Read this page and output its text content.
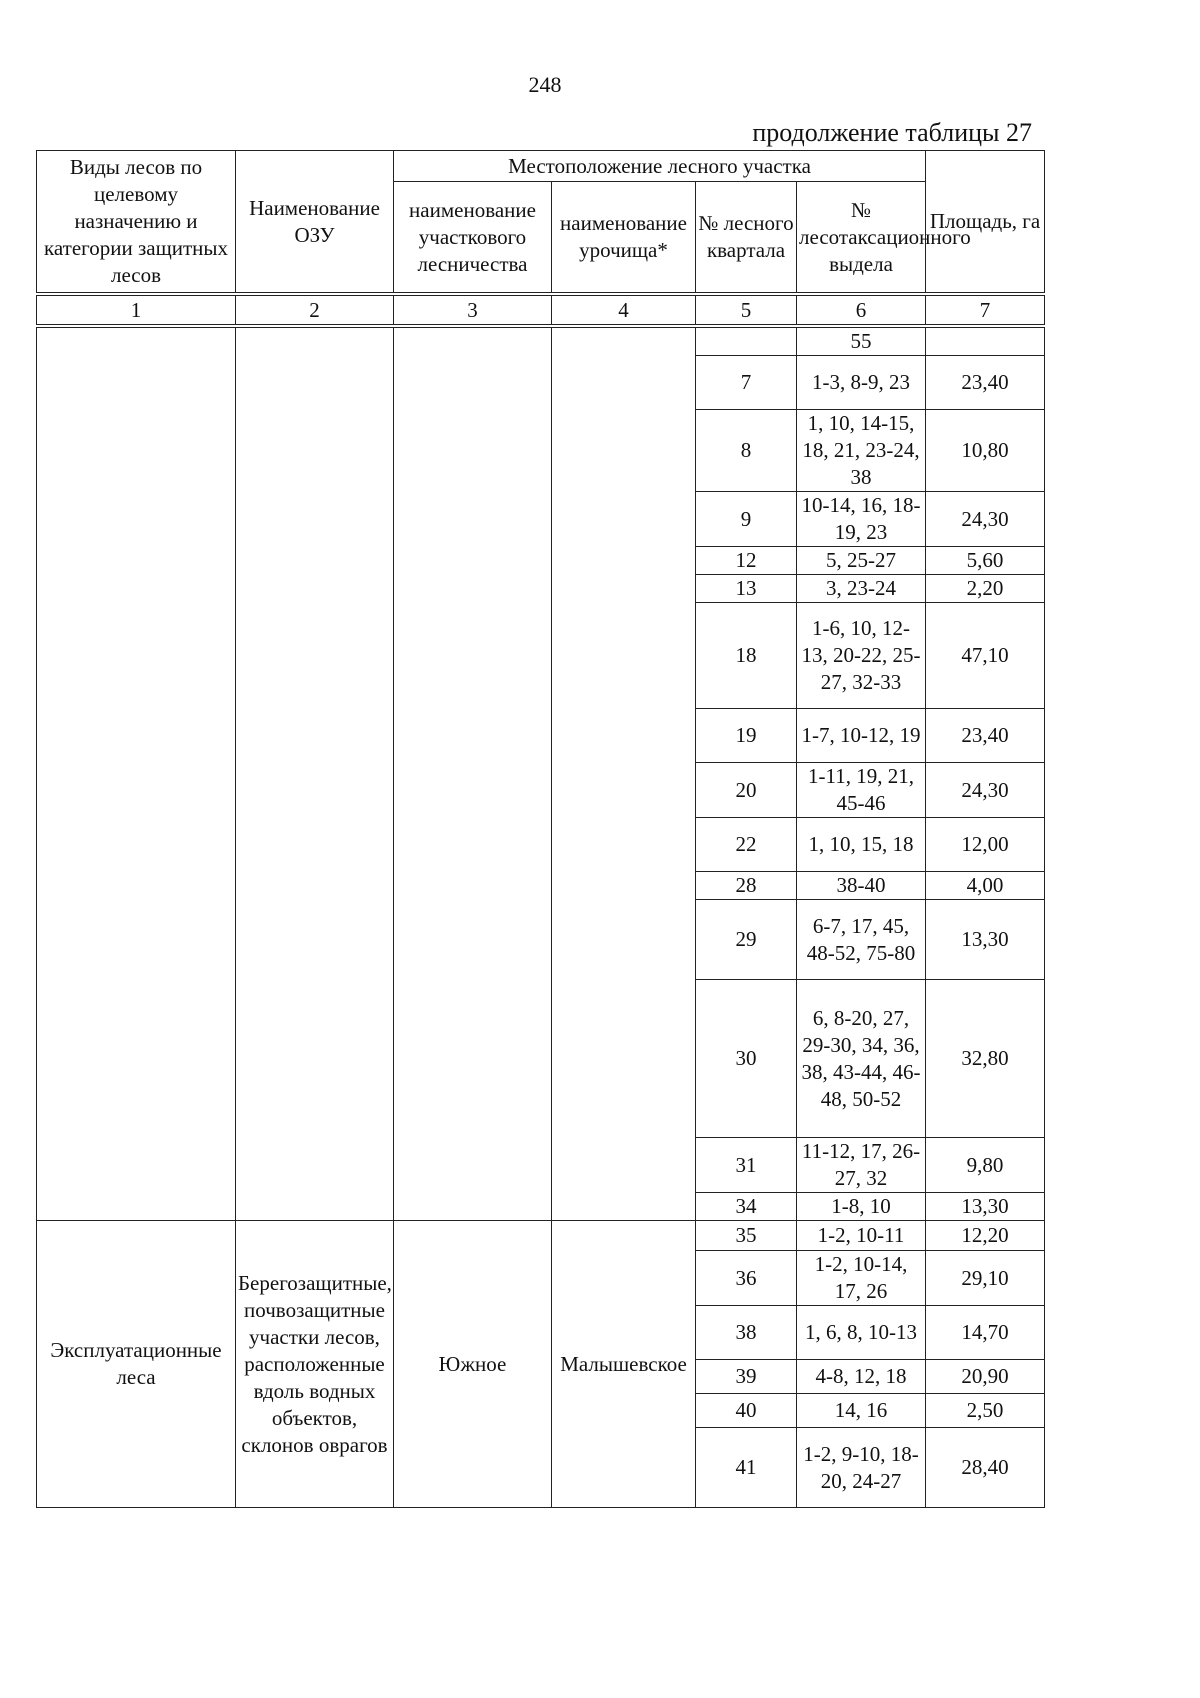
248
продолжение таблицы 27
Виды лесов по целевому назначению и категории защитных лесов	Наименование ОЗУ	Местоположение лесного участка				Площадь, га
		наименование участкового лесничества	наименование урочища*	№ лесного квартала	№ лесотаксационного выдела	
1	2	3	4	5	6	7
					55	
				7	1-3, 8-9, 23	23,40
				8	1, 10, 14-15, 18, 21, 23-24, 38	10,80
				9	10-14, 16, 18-19, 23	24,30
				12	5, 25-27	5,60
				13	3, 23-24	2,20
				18	1-6, 10, 12-13, 20-22, 25-27, 32-33	47,10
				19	1-7, 10-12, 19	23,40
				20	1-11, 19, 21, 45-46	24,30
				22	1, 10, 15, 18	12,00
				28	38-40	4,00
				29	6-7, 17, 45, 48-52, 75-80	13,30
				30	6, 8-20, 27, 29-30, 34, 36, 38, 43-44, 46-48, 50-52	32,80
				31	11-12, 17, 26-27, 32	9,80
				34	1-8, 10	13,30
Эксплуатационные леса	Берегозащитные, почвозащитные участки лесов, расположенные вдоль водных объектов, склонов оврагов	Южное	Малышевское	35	1-2, 10-11	12,20
				36	1-2, 10-14, 17, 26	29,10
				38	1, 6, 8, 10-13	14,70
				39	4-8, 12, 18	20,90
				40	14, 16	2,50
				41	1-2, 9-10, 18-20, 24-27	28,40
